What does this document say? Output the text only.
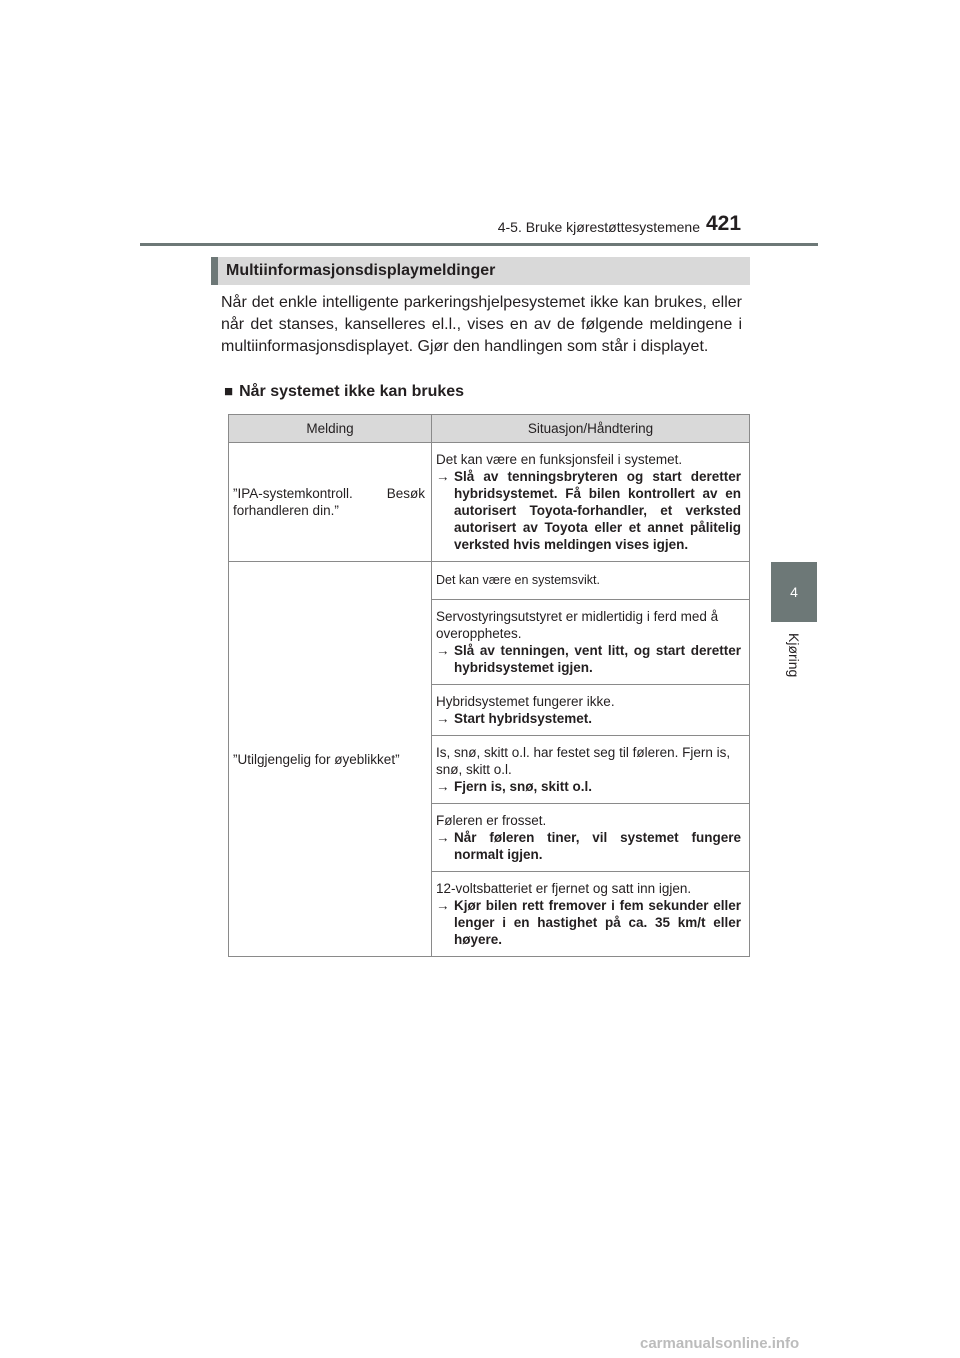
4-5. Bruke kjørestøttesystemene 421
4
Kjøring
Multiinformasjonsdisplaymeldinger

Når det enkle intelligente parkeringshjelpesystemet ikke kan brukes, eller når det stanses, kanselleres el.l., vises en av de følgende meldingene i multiinformasjonsdisplayet. Gjør den handlingen som står i displayet.

■ Når systemet ikke kan brukes
Melding	Situasjon/Håndtering
”IPA-systemkontroll. Besøk forhandleren din.”	Det kan være en funksjonsfeil i systemet.
→ Slå av tenningsbryteren og start deretter hybridsystemet. Få bilen kontrollert av en autorisert Toyota-forhandler, et verksted autorisert av Toyota eller et annet pålitelig verksted hvis meldingen vises igjen.

”Utilgjengelig for øyeblikket”	Det kan være en systemsvikt.

	Servostyringsutstyret er midlertidig i ferd med å overopphetes.
→ Slå av tenningen, vent litt, og start deretter hybridsystemet igjen.

	Hybridsystemet fungerer ikke.
→ Start hybridsystemet.

	Is, snø, skitt o.l. har festet seg til føleren. Fjern is, snø, skitt o.l.
→ Fjern is, snø, skitt o.l.

	Føleren er frosset.
→ Når føleren tiner, vil systemet fungere normalt igjen.

	12-voltsbatteriet er fjernet og satt inn igjen.
→ Kjør bilen rett fremover i fem sekunder eller lenger i en hastighet på ca. 35 km/t eller høyere.
carmanualsonline.info
